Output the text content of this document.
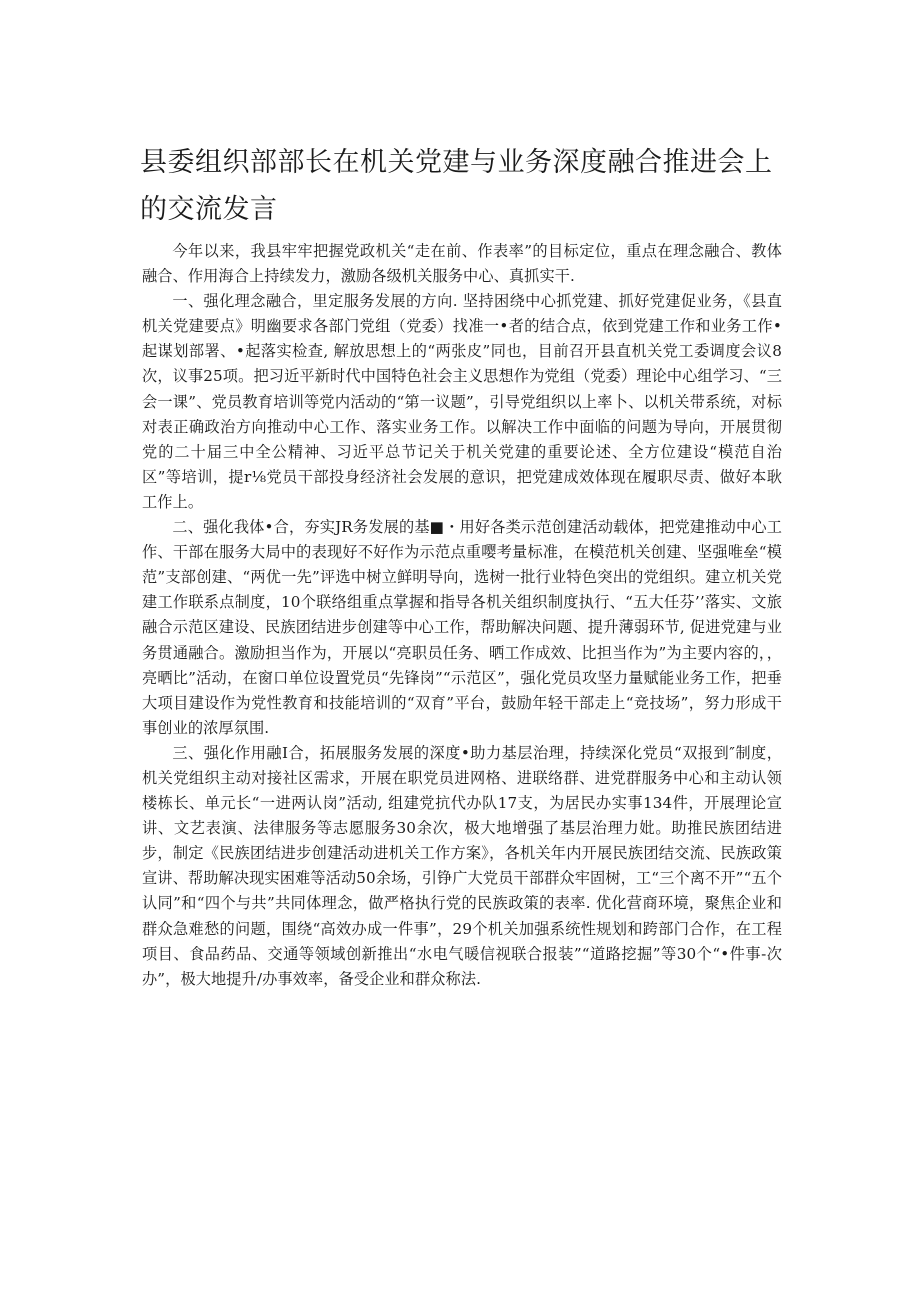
县委组织部部长在机关党建与业务深度融合推进会上的交流发言

今年以来，我县牢牢把握党政机关“走在前、作表率”的目标定位，重点在理念融合、教体融合、作用海合上持续发力，激励各级机关服务中心、真抓实干.

一、强化理念融合，里定服务发展的方向. 坚持困绕中心抓党建、抓好党建促业务，《县直机关党建要点》明幽要求各部门党组（党委）找准一•者的结合点，依到党建工作和业务工作•起谋划部署、•起落实检查, 解放思想上的“两张皮”同也，目前召开县直机关党工委调度会议8次，议事25项。把习近平新时代中国特色社会主义思想作为党组（党委）理论中心组学习、“三会一课”、党员教育培训等党内活动的“第一议题”，引导党组织以上率卜、以机关带系统，对标对表正确政治方向推动中心工作、落实业务工作。以解决工作中面临的问题为导向，开展贯彻党的二十届三中全公精神、习近平总节记关于机关党建的重要论述、全方位建设“模范自治区”等培训，提r⅛党员干部投身经济社会发展的意识，把党建成效体现在履职尽责、做好本耿工作上。

二、强化我体•合，夯实JR务发展的基■・用好各类示范创建活动载体，把党建推动中心工作、干部在服务大局中的表现好不好作为示范点重嘤考量标准，在模范机关创建、坚强唯垒“模范”支部创建、“两优一先”评选中树立鲜明导向，选树一批行业特色突出的党组织。建立机关党建工作联系点制度，10个联络组重点掌握和指导各机关组织制度执行、“五大任芬’’落实、文旅融合示范区建设、民族团结进步创建等中心工作，帮助解决问题、提升薄弱环节, 促进党建与业务贯通融合。激励担当作为，开展以“亮职员任务、晒工作成效、比担当作为”为主要内容的，，亮晒比”活动，在窗口单位设置党员“先锋岗”“示范区”，强化党员攻坚力量赋能业务工作，把垂大项目建设作为党性教育和技能培训的“双育”平台，鼓励年轻干部走上“竞技场”，努力形成干事创业的浓厚氛围.

三、强化作用融I合，拓展服务发展的深度•助力基层治理，持续深化党员“双报到″制度，机关党组织主动对接社区需求，开展在职党员进网格、进联络群、进党群服务中心和主动认领楼栋长、单元长“一进两认岗”活动, 组建党抗代办队17支，为居民办实事134件，开展理论宣讲、文艺表演、法律服务等志愿服务30余次，极大地增强了基层治理力妣。助推民族团结进步，制定《民族团结进步创建活动进机关工作方案》，各机关年内开展民族团结交流、民族政策宣讲、帮助解决现实困难等活动50余场，引铮广大党员干部群众牢固树，工“三个离不开”“五个认同”和“四个与共”共同体理念，做严格执行党的民族政策的表率. 优化营商环境，聚焦企业和群众急难愁的问题，围绕“高效办成一件事”，29个机关加强系统性规划和跨部门合作，在工程项目、食品药品、交通等领域创新推出“水电气暖信视联合报装”“道路挖掘”等30个“•件事-次办”，极大地提升/办事效率，备受企业和群众称法.
